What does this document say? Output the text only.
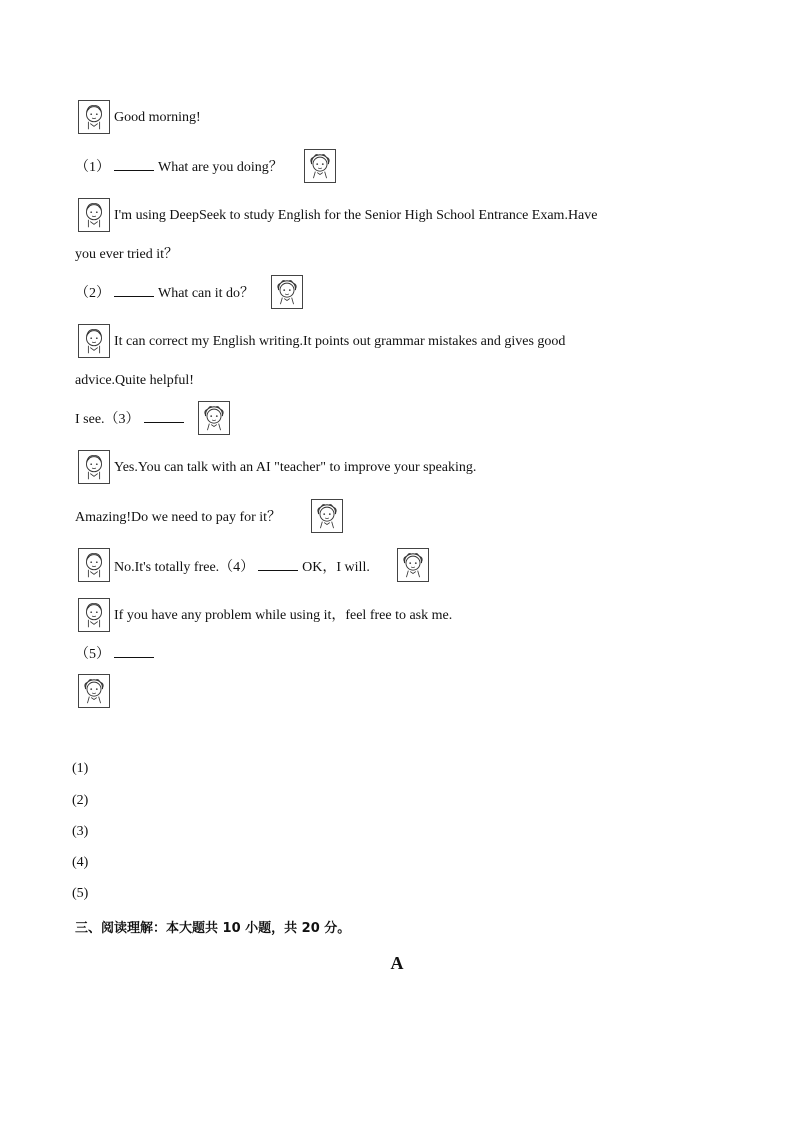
Good morning!
（1）	What are you doing？
I'm using DeepSeek to study English for the Senior High School Entrance Exam.Have
you ever tried it？
（2）	What can it do？
It can correct my English writing.It points out grammar mistakes and gives good
advice.Quite helpful!
I see.（3）
Yes.You can talk with an AI "teacher" to improve your speaking.
Amazing!Do we need to pay for it？
No.It's totally free.（4）	OK，I will.
If you have any problem while using it，feel free to ask me.
（5）
(1)
(2)
(3)
(4)
(5)
三、阅读理解：本大题共 10 小题，共 20 分。
A
